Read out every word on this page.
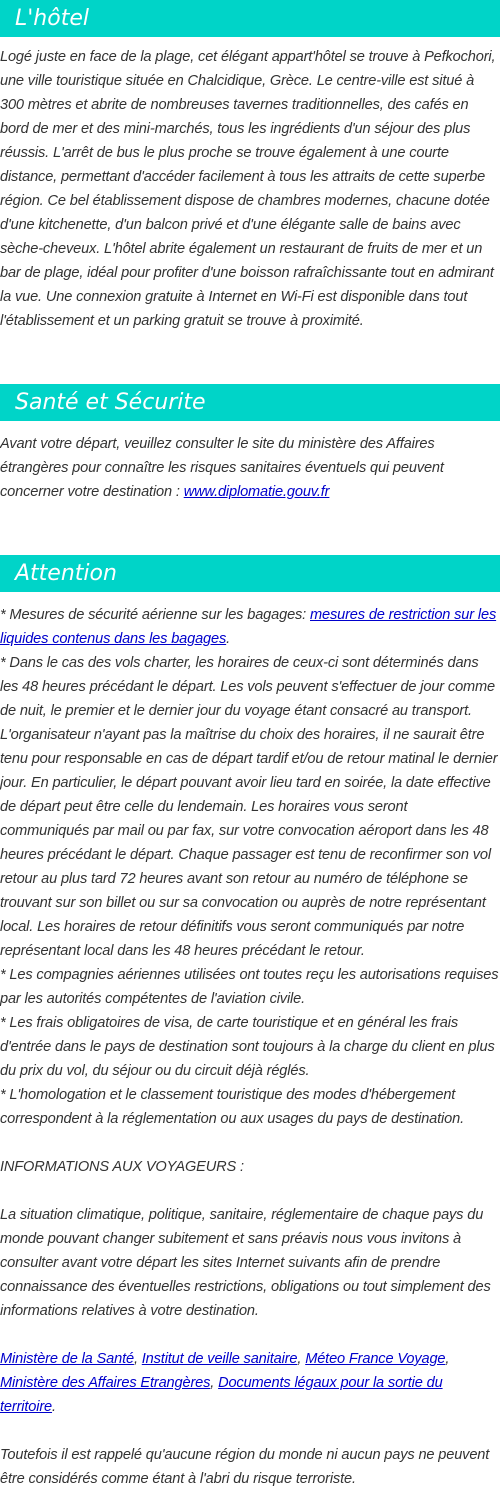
L'hôtel

Logé juste en face de la plage, cet élégant appart'hôtel se trouve à Pefkochori, une ville touristique située en Chalcidique, Grèce. Le centre-ville est situé à 300 mètres et abrite de nombreuses tavernes traditionnelles, des cafés en bord de mer et des mini-marchés, tous les ingrédients d'un séjour des plus réussis. L'arrêt de bus le plus proche se trouve également à une courte distance, permettant d'accéder facilement à tous les attraits de cette superbe région. Ce bel établissement dispose de chambres modernes, chacune dotée d'une kitchenette, d'un balcon privé et d'une élégante salle de bains avec sèche-cheveux. L'hôtel abrite également un restaurant de fruits de mer et un bar de plage, idéal pour profiter d'une boisson rafraîchissante tout en admirant la vue. Une connexion gratuite à Internet en Wi-Fi est disponible dans tout l'établissement et un parking gratuit se trouve à proximité.

Santé et Sécurite

Avant votre départ, veuillez consulter le site du ministère des Affaires étrangères pour connaître les risques sanitaires éventuels qui peuvent concerner votre destination : www.diplomatie.gouv.fr

Attention
* Mesures de sécurité aérienne sur les bagages: mesures de restriction sur les liquides contenus dans les bagages.
* Dans le cas des vols charter, les horaires de ceux-ci sont déterminés dans les 48 heures précédant le départ. Les vols peuvent s'effectuer de jour comme de nuit, le premier et le dernier jour du voyage étant consacré au transport. L'organisateur n'ayant pas la maîtrise du choix des horaires, il ne saurait être tenu pour responsable en cas de départ tardif et/ou de retour matinal le dernier jour. En particulier, le départ pouvant avoir lieu tard en soirée, la date effective de départ peut être celle du lendemain. Les horaires vous seront communiqués par mail ou par fax, sur votre convocation aéroport dans les 48 heures précédant le départ. Chaque passager est tenu de reconfirmer son vol retour au plus tard 72 heures avant son retour au numéro de téléphone se trouvant sur son billet ou sur sa convocation ou auprès de notre représentant local. Les horaires de retour définitifs vous seront communiqués par notre représentant local dans les 48 heures précédant le retour.
* Les compagnies aériennes utilisées ont toutes reçu les autorisations requises par les autorités compétentes de l'aviation civile.
* Les frais obligatoires de visa, de carte touristique et en général les frais d'entrée dans le pays de destination sont toujours à la charge du client en plus du prix du vol, du séjour ou du circuit déjà réglés.
* L'homologation et le classement touristique des modes d'hébergement correspondent à la réglementation ou aux usages du pays de destination.
INFORMATIONS AUX VOYAGEURS :
La situation climatique, politique, sanitaire, réglementaire de chaque pays du monde pouvant changer subitement et sans préavis nous vous invitons à consulter avant votre départ les sites Internet suivants afin de prendre connaissance des éventuelles restrictions, obligations ou tout simplement des informations relatives à votre destination.
Ministère de la Santé, Institut de veille sanitaire, Méteo France Voyage, Ministère des Affaires Etrangères, Documents légaux pour la sortie du territoire.
Toutefois il est rappelé qu'aucune région du monde ni aucun pays ne peuvent être considérés comme étant à l'abri du risque terroriste.
